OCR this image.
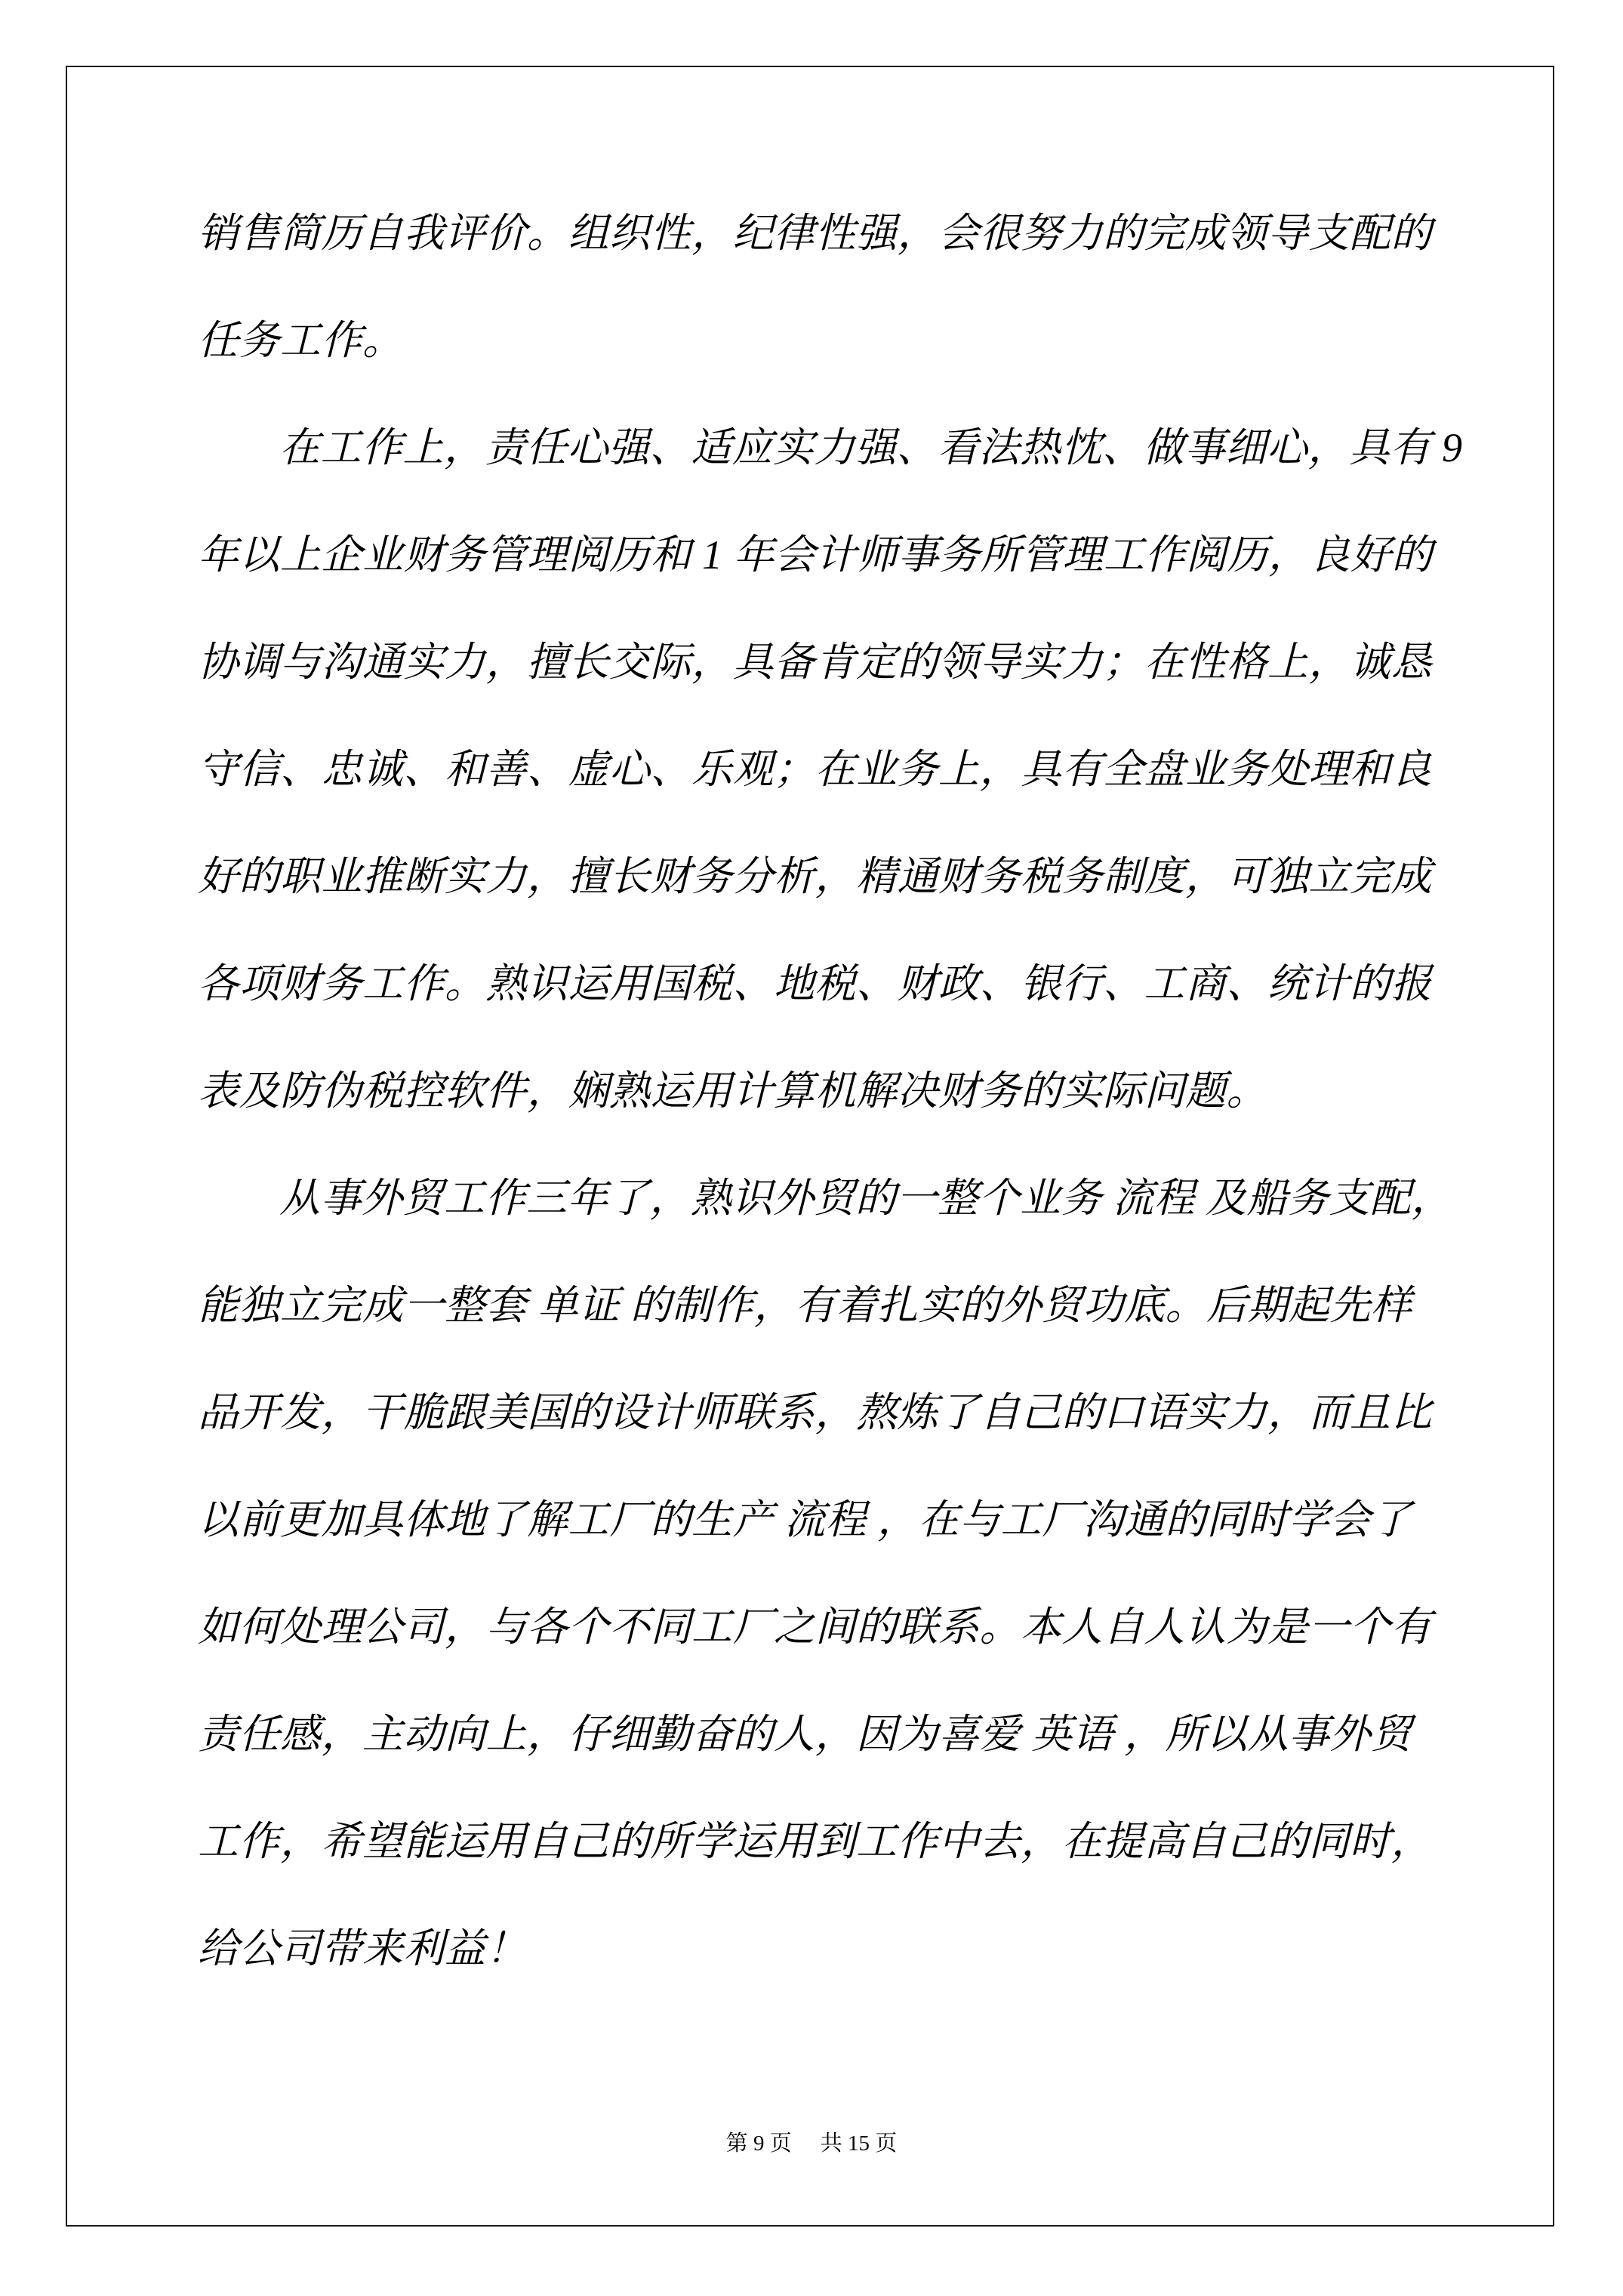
销售简历自我评价。组织性，纪律性强，会很努力的完成领导支配的
任务工作。
在工作上，责任心强、适应实力强、看法热忱、做事细心，具有 9
年以上企业财务管理阅历和 1 年会计师事务所管理工作阅历，良好的
协调与沟通实力，擅长交际，具备肯定的领导实力；在性格上，诚恳
守信、忠诚、和善、虚心、乐观；在业务上，具有全盘业务处理和良
好的职业推断实力，擅长财务分析，精通财务税务制度，可独立完成
各项财务工作。熟识运用国税、地税、财政、银行、工商、统计的报
表及防伪税控软件，娴熟运用计算机解决财务的实际问题。
从事外贸工作三年了，熟识外贸的一整个业务 流程 及船务支配，
能独立完成一整套 单证 的制作，有着扎实的外贸功底。后期起先样
品开发，干脆跟美国的设计师联系，熬炼了自己的口语实力，而且比
以前更加具体地了解工厂的生产 流程 ，在与工厂沟通的同时学会了
如何处理公司，与各个不同工厂之间的联系。本人自人认为是一个有
责任感，主动向上，仔细勤奋的人，因为喜爱 英语 ，所以从事外贸
工作，希望能运用自己的所学运用到工作中去，在提高自己的同时，
给公司带来利益！
第 9 页 共 15 页
